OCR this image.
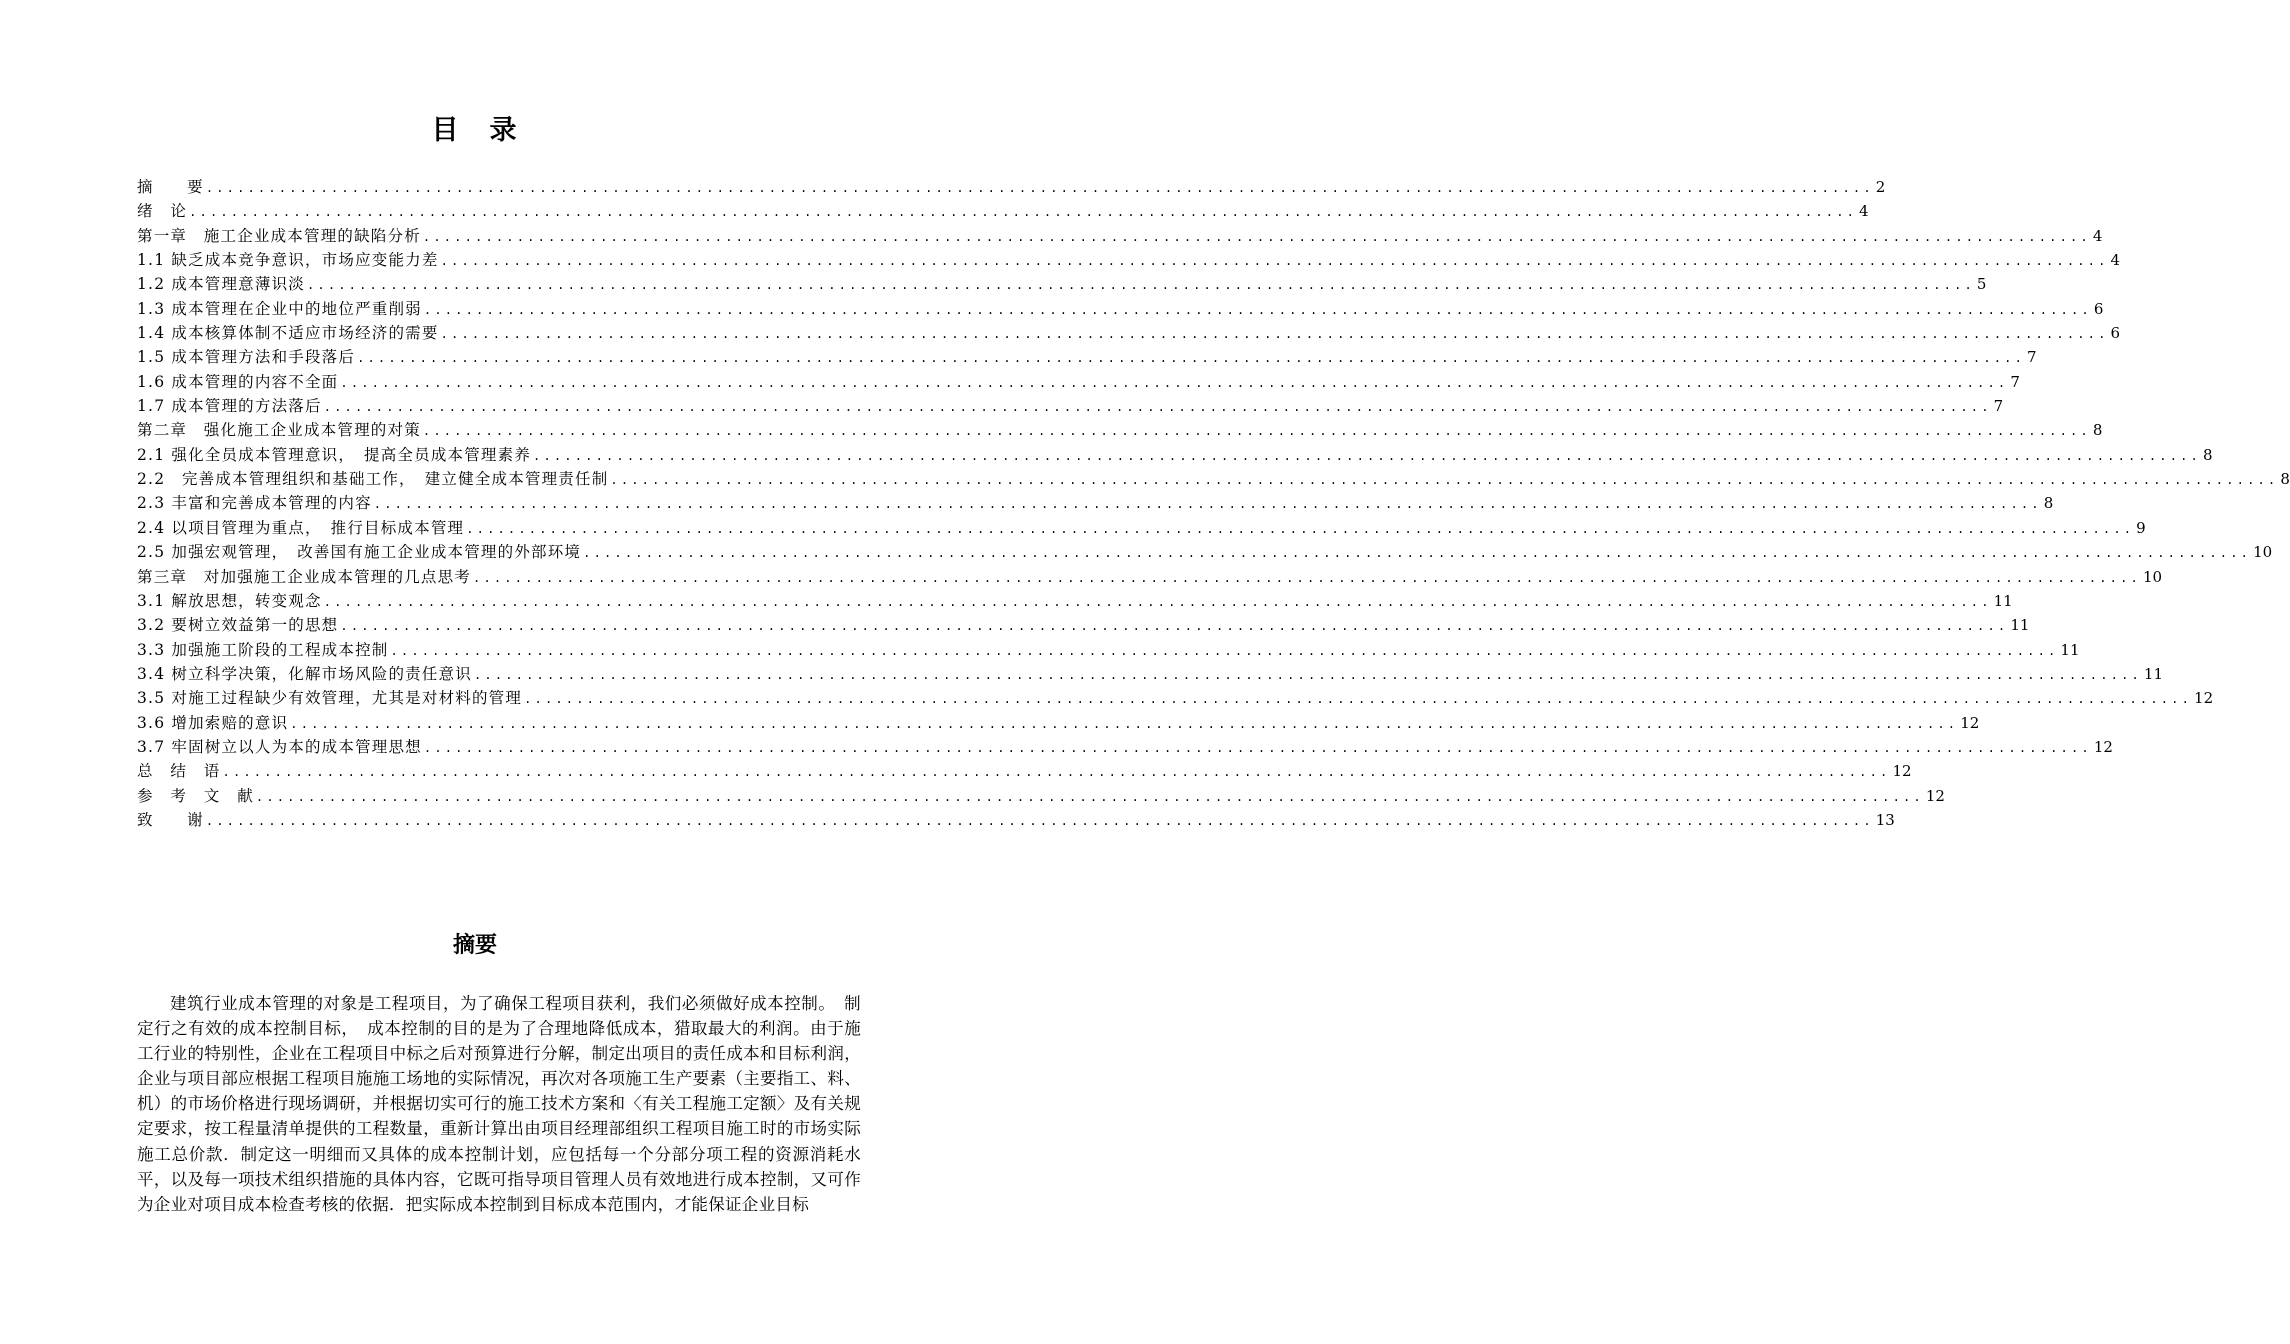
目　录
摘　　要 ................................................................................................................................................................ 2
绪　论 ................................................................................................................................................................ 4
第一章　施工企业成本管理的缺陷分析 ................................................................................................................................................................ 4
1.1 缺乏成本竞争意识，市场应变能力差 ................................................................................................................................................................ 4
1.2 成本管理意薄识淡 ................................................................................................................................................................ 5
1.3 成本管理在企业中的地位严重削弱 ................................................................................................................................................................ 6
1.4 成本核算体制不适应市场经济的需要 ................................................................................................................................................................ 6
1.5 成本管理方法和手段落后 ................................................................................................................................................................ 7
1.6 成本管理的内容不全面 ................................................................................................................................................................ 7
1.7 成本管理的方法落后 ................................................................................................................................................................ 7
第二章　强化施工企业成本管理的对策 ................................................................................................................................................................ 8
2.1 强化全员成本管理意识，　提高全员成本管理素养 ................................................................................................................................................................ 8
2.2　完善成本管理组织和基础工作，　建立健全成本管理责任制 ................................................................................................................................................................ 8
2.3 丰富和完善成本管理的内容 ................................................................................................................................................................ 8
2.4 以项目管理为重点，　推行目标成本管理 ................................................................................................................................................................ 9
2.5 加强宏观管理，　改善国有施工企业成本管理的外部环境 ................................................................................................................................................................ 10
第三章　对加强施工企业成本管理的几点思考 ................................................................................................................................................................ 10
3.1 解放思想，转变观念 ................................................................................................................................................................ 11
3.2 要树立效益第一的思想 ................................................................................................................................................................ 11
3.3 加强施工阶段的工程成本控制 ................................................................................................................................................................ 11
3.4 树立科学决策，化解市场风险的责任意识 ................................................................................................................................................................ 11
3.5 对施工过程缺少有效管理，尤其是对材料的管理 ................................................................................................................................................................ 12
3.6 增加索赔的意识 ................................................................................................................................................................ 12
3.7 牢固树立以人为本的成本管理思想 ................................................................................................................................................................ 12
总　结　语 ................................................................................................................................................................ 12
参　考　文　献 ................................................................................................................................................................ 12
致　　谢 ................................................................................................................................................................ 13
摘要

建筑行业成本管理的对象是工程项目，为了确保工程项目获利，我们必须做好成本控制。　制定行之有效的成本控制目标，　成本控制的目的是为了合理地降低成本，猎取最大的利润。由于施工行业的特别性，企业在工程项目中标之后对预算进行分解，制定出项目的责任成本和目标利润，企业与项目部应根据工程项目施施工场地的实际情况，再次对各项施工生产要素（主要指工、料、机）的市场价格进行现场调研，并根据切实可行的施工技术方案和〈有关工程施工定额〉及有关规定要求，按工程量清单提供的工程数量，重新计算出由项目经理部组织工程项目施工时的市场实际施工总价款．制定这一明细而又具体的成本控制计划，应包括每一个分部分项工程的资源消耗水平，以及每一项技术组织措施的具体内容，它既可指导项目管理人员有效地进行成本控制，又可作为企业对项目成本检查考核的依据．把实际成本控制到目标成本范围内，才能保证企业目标
